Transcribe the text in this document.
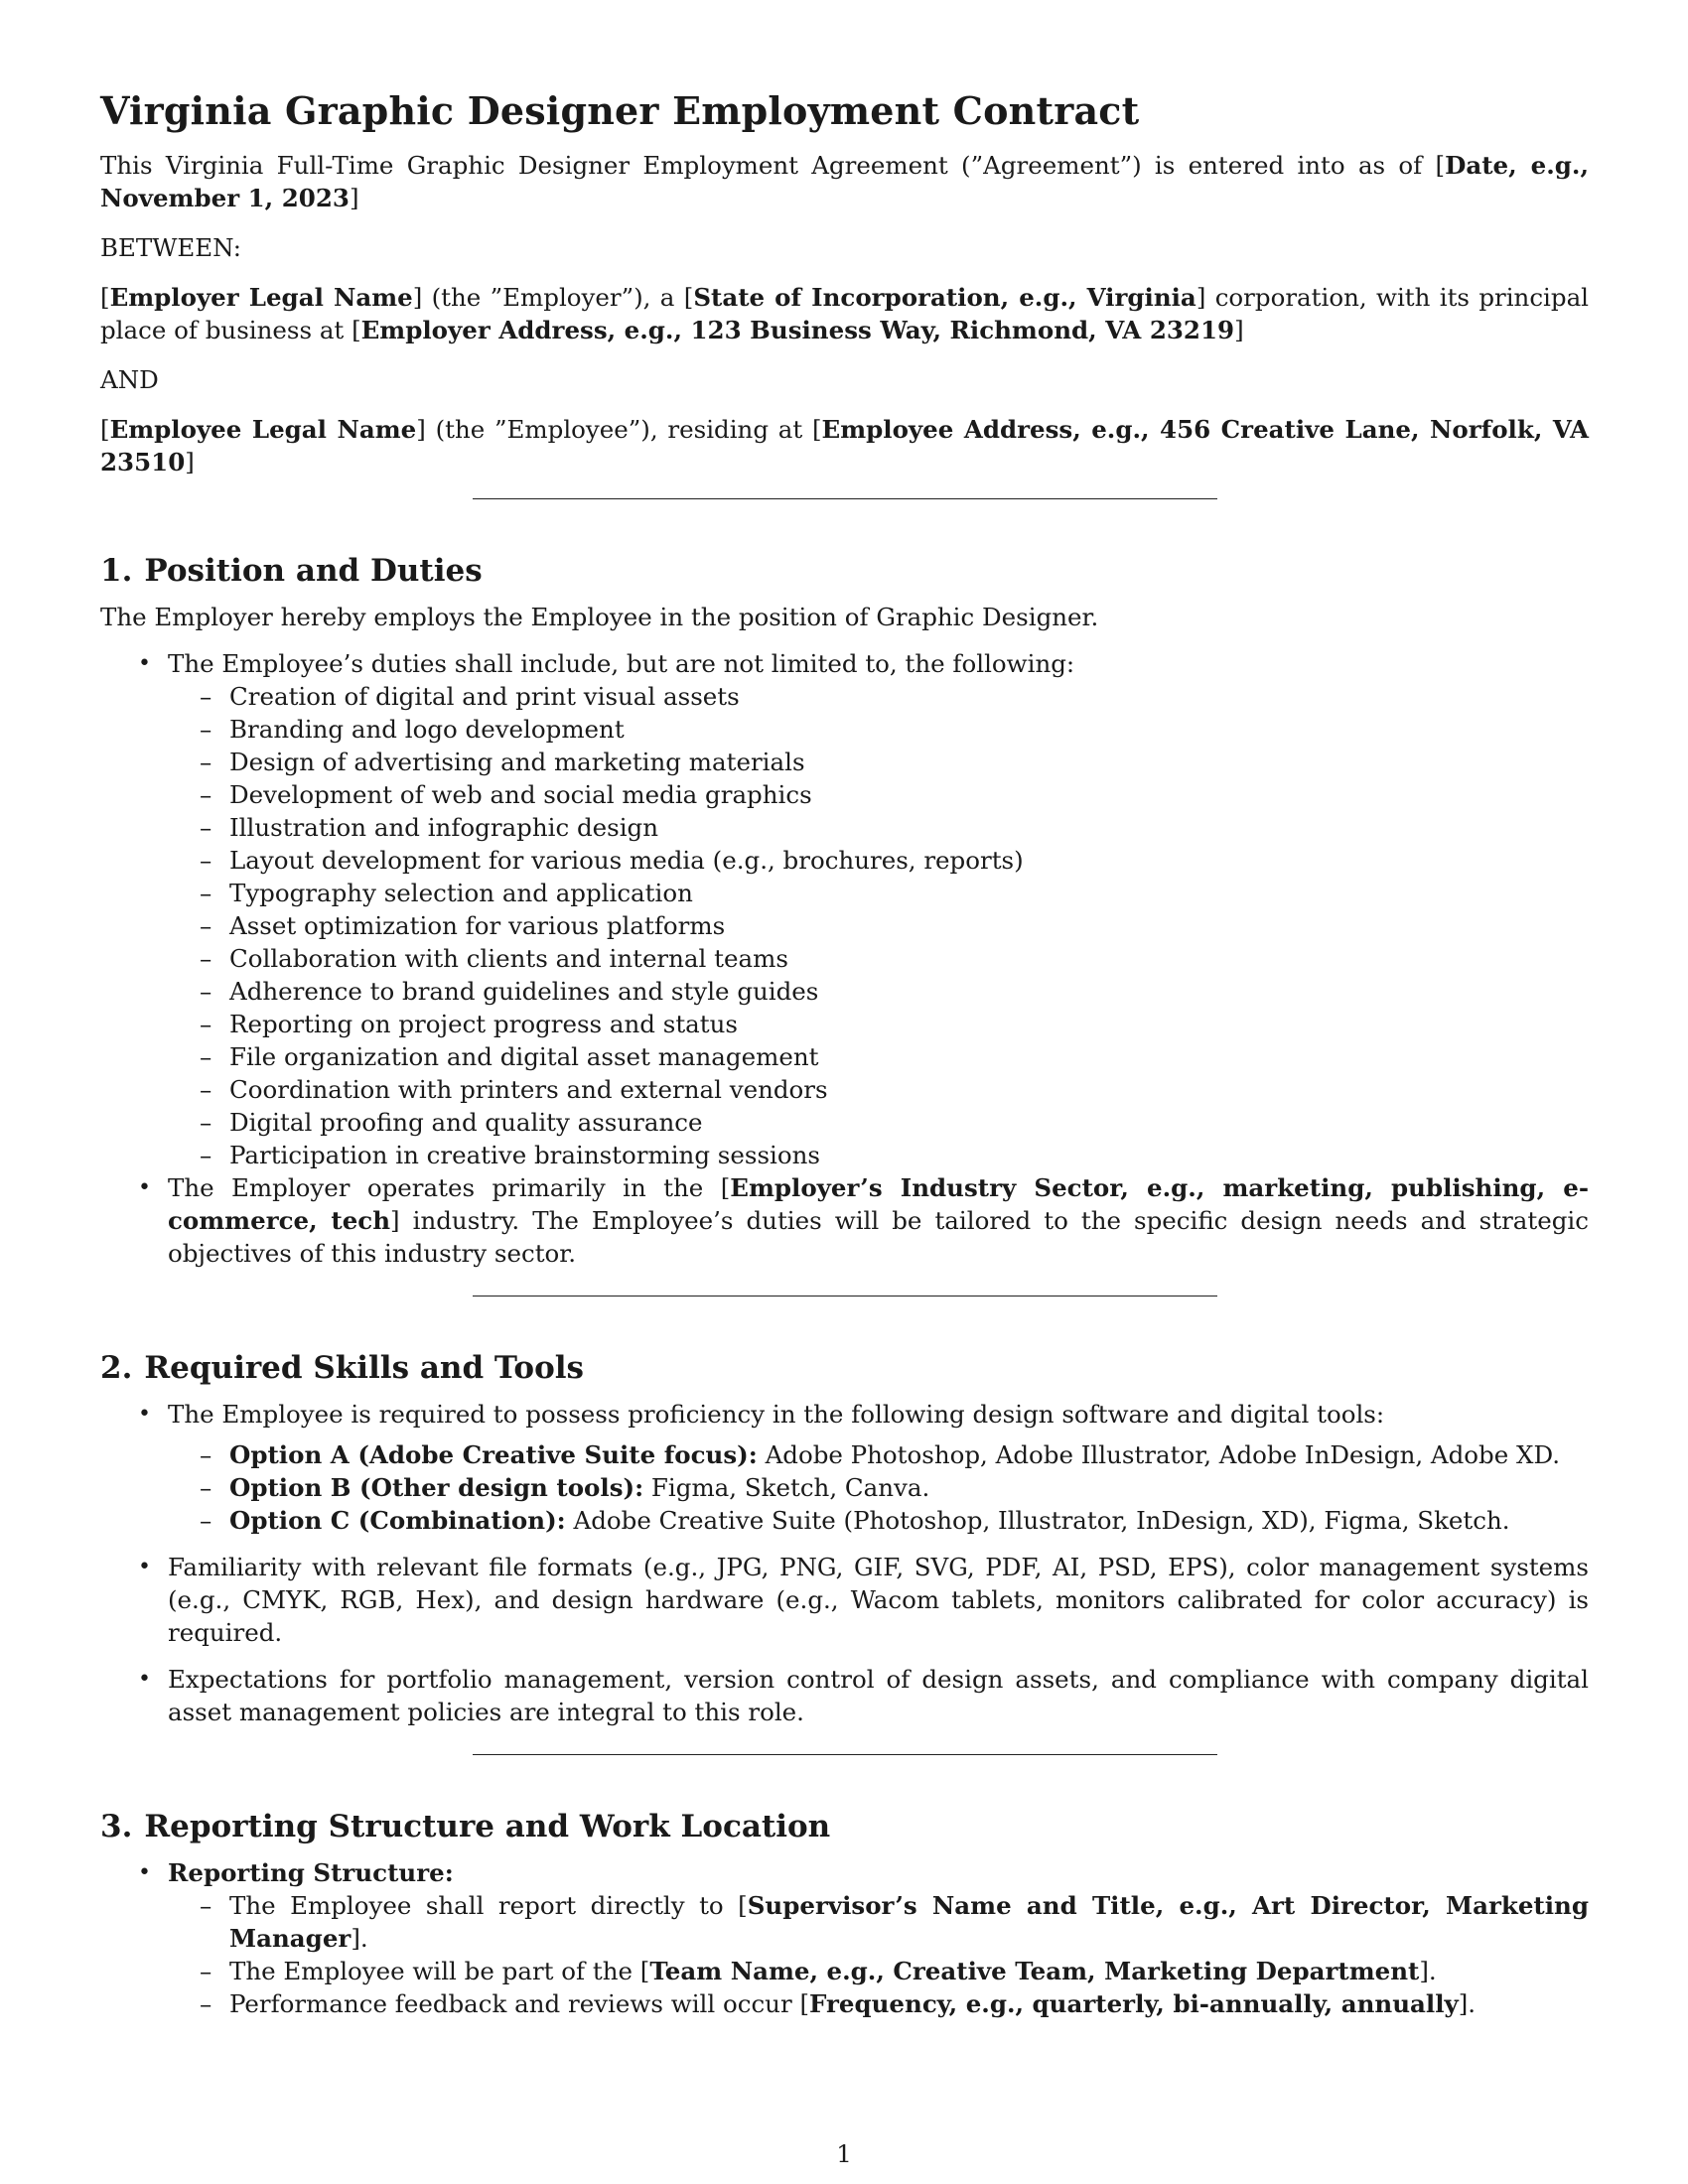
Virginia Graphic Designer Employment Contract

This Virginia Full-Time Graphic Designer Employment Agreement (”Agreement”) is entered into as of [Date, e.g., November 1, 2023]

BETWEEN:

[Employer Legal Name] (the ”Employer”), a [State of Incorporation, e.g., Virginia] corporation, with its principal place of business at [Employer Address, e.g., 123 Business Way, Richmond, VA 23219]

AND

[Employee Legal Name] (the ”Employee”), residing at [Employee Address, e.g., 456 Creative Lane, Norfolk, VA 23510]

1. Position and Duties

The Employer hereby employs the Employee in the position of Graphic Designer.

• The Employee’s duties shall include, but are not limited to, the following:
– Creation of digital and print visual assets
– Branding and logo development
– Design of advertising and marketing materials
– Development of web and social media graphics
– Illustration and infographic design
– Layout development for various media (e.g., brochures, reports)
– Typography selection and application
– Asset optimization for various platforms
– Collaboration with clients and internal teams
– Adherence to brand guidelines and style guides
– Reporting on project progress and status
– File organization and digital asset management
– Coordination with printers and external vendors
– Digital proofing and quality assurance
– Participation in creative brainstorming sessions
• The Employer operates primarily in the [Employer’s Industry Sector, e.g., marketing, publishing, e-commerce, tech] industry. The Employee’s duties will be tailored to the specific design needs and strategic objectives of this industry sector.
2. Required Skills and Tools
• The Employee is required to possess proficiency in the following design software and digital tools:
– Option A (Adobe Creative Suite focus): Adobe Photoshop, Adobe Illustrator, Adobe InDesign, Adobe XD.
– Option B (Other design tools): Figma, Sketch, Canva.
– Option C (Combination): Adobe Creative Suite (Photoshop, Illustrator, InDesign, XD), Figma, Sketch.
• Familiarity with relevant file formats (e.g., JPG, PNG, GIF, SVG, PDF, AI, PSD, EPS), color management systems (e.g., CMYK, RGB, Hex), and design hardware (e.g., Wacom tablets, monitors calibrated for color accuracy) is required.
• Expectations for portfolio management, version control of design assets, and compliance with company digital asset management policies are integral to this role.
3. Reporting Structure and Work Location
• Reporting Structure:
– The Employee shall report directly to [Supervisor’s Name and Title, e.g., Art Director, Marketing Manager].
– The Employee will be part of the [Team Name, e.g., Creative Team, Marketing Department].
– Performance feedback and reviews will occur [Frequency, e.g., quarterly, bi-annually, annually].
1
